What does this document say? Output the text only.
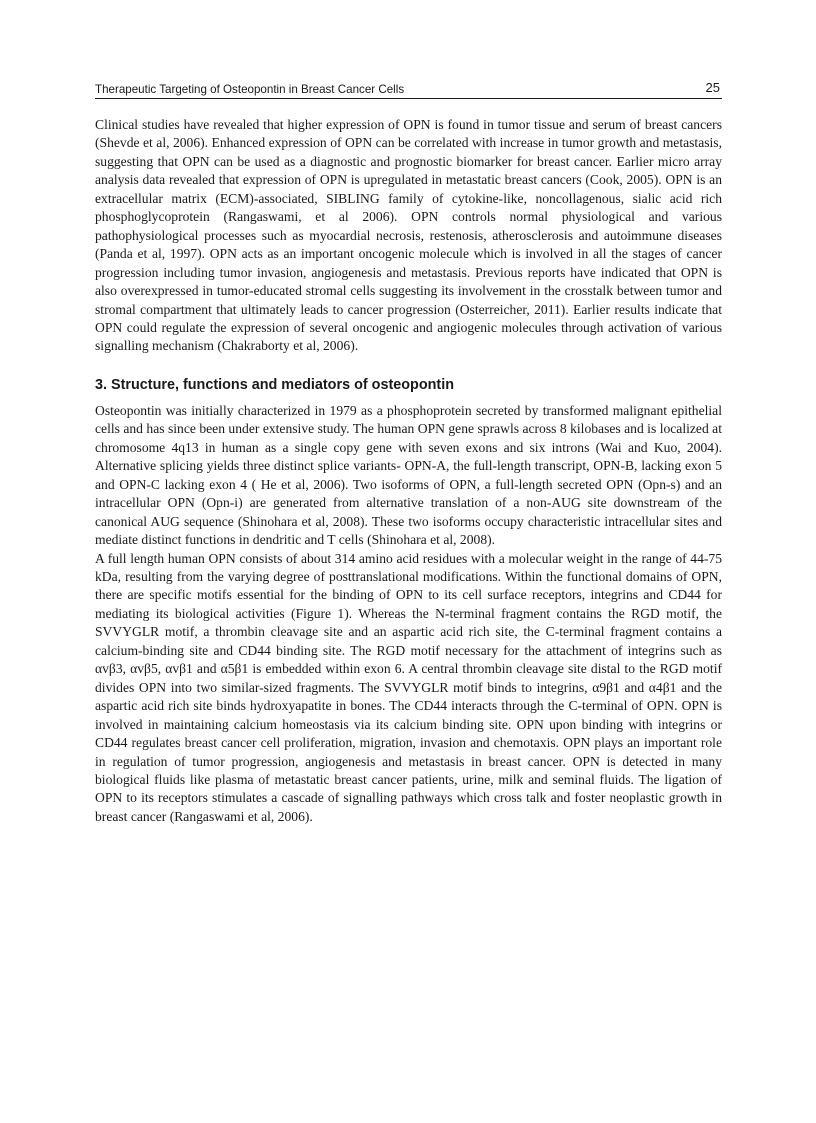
Therapeutic Targeting of Osteopontin in Breast Cancer Cells	25

Clinical studies have revealed that higher expression of OPN is found in tumor tissue and serum of breast cancers (Shevde et al, 2006). Enhanced expression of OPN can be correlated with increase in tumor growth and metastasis, suggesting that OPN can be used as a diagnostic and prognostic biomarker for breast cancer. Earlier micro array analysis data revealed that expression of OPN is upregulated in metastatic breast cancers (Cook, 2005). OPN is an extracellular matrix (ECM)-associated, SIBLING family of cytokine-like, noncollagenous, sialic acid rich phosphoglycoprotein (Rangaswami, et al 2006). OPN controls normal physiological and various pathophysiological processes such as myocardial necrosis, restenosis, atherosclerosis and autoimmune diseases (Panda et al, 1997). OPN acts as an important oncogenic molecule which is involved in all the stages of cancer progression including tumor invasion, angiogenesis and metastasis. Previous reports have indicated that OPN is also overexpressed in tumor-educated stromal cells suggesting its involvement in the crosstalk between tumor and stromal compartment that ultimately leads to cancer progression (Osterreicher, 2011). Earlier results indicate that OPN could regulate the expression of several oncogenic and angiogenic molecules through activation of various signalling mechanism (Chakraborty et al, 2006).

3. Structure, functions and mediators of osteopontin

Osteopontin was initially characterized in 1979 as a phosphoprotein secreted by transformed malignant epithelial cells and has since been under extensive study. The human OPN gene sprawls across 8 kilobases and is localized at chromosome 4q13 in human as a single copy gene with seven exons and six introns (Wai and Kuo, 2004). Alternative splicing yields three distinct splice variants- OPN-A, the full-length transcript, OPN-B, lacking exon 5 and OPN-C lacking exon 4 ( He et al, 2006). Two isoforms of OPN, a full-length secreted OPN (Opn-s) and an intracellular OPN (Opn-i) are generated from alternative translation of a non-AUG site downstream of the canonical AUG sequence (Shinohara et al, 2008). These two isoforms occupy characteristic intracellular sites and mediate distinct functions in dendritic and T cells (Shinohara et al, 2008).

A full length human OPN consists of about 314 amino acid residues with a molecular weight in the range of 44-75 kDa, resulting from the varying degree of posttranslational modifications. Within the functional domains of OPN, there are specific motifs essential for the binding of OPN to its cell surface receptors, integrins and CD44 for mediating its biological activities (Figure 1). Whereas the N-terminal fragment contains the RGD motif, the SVVYGLR motif, a thrombin cleavage site and an aspartic acid rich site, the C-terminal fragment contains a calcium-binding site and CD44 binding site. The RGD motif necessary for the attachment of integrins such as αvβ3, αvβ5, αvβ1 and α5β1 is embedded within exon 6. A central thrombin cleavage site distal to the RGD motif divides OPN into two similar-sized fragments. The SVVYGLR motif binds to integrins, α9β1 and α4β1 and the aspartic acid rich site binds hydroxyapatite in bones. The CD44 interacts through the C-terminal of OPN. OPN is involved in maintaining calcium homeostasis via its calcium binding site. OPN upon binding with integrins or CD44 regulates breast cancer cell proliferation, migration, invasion and chemotaxis. OPN plays an important role in regulation of tumor progression, angiogenesis and metastasis in breast cancer. OPN is detected in many biological fluids like plasma of metastatic breast cancer patients, urine, milk and seminal fluids. The ligation of OPN to its receptors stimulates a cascade of signalling pathways which cross talk and foster neoplastic growth in breast cancer (Rangaswami et al, 2006).
